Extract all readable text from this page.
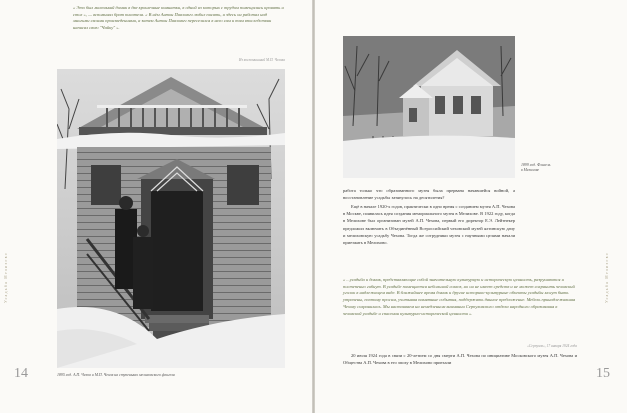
Усадьба Мелихово	Усадьба Мелихово
14	15
« Это был маленький домик в две крошечные комнатки, в одной из которых с трудом помещались кровать и стол », — вспоминал брат писателя. « В нём Антон Павлович любил писать, и здесь он работал над многими своими произведениями, а затем Антон Павлович переселился в него сам и там впоследствии написал свою "Чайку" ».
Из воспоминаний М.П. Чехова
1895 год. А.П. Чехов и М.П. Чехов на ступеньках мелиховского флигеля
1899 год. Флигель
в Мелихове
работа только что образованного музея была прервана начавшейся войной, а восстановление усадьбы затянулось на десятилетия?
Ещё в начале 1920-х годов, практически в одно время с созданием музея А.П. Чехова в Москве, появилась идея создания мемориального музея в Мелихове. В 1922 году, когда в Мелихове был организован музей А.П. Чехова, первый его директор Е.Э. Лейтнекер предложил включить в Объединённый Всероссийский чеховский музей ялтинскую дачу и мелиховскую усадьбу Чехова. Тогда же сотрудники музея с научными целями начали приезжать в Мелихово.
« ...усадьба и домик, представляющие собой значительную культурную и историческую ценность, разрушаются и постепенно гибнут. В усадьбе помещается небольшой совхоз, но он не имеет средств и не может сохранить чеховский уголок в надлежащем виде. В ближайшее время домик и другие историко-культурные объекты усадьбы могут быть утрачены, поэтому просим, учитывая памятные события, поддержать данное предложение. Мебель принадлежавшая Чехову сохранилась. Мы настаиваем на немедленном внимании Серпуховского отдела народного образования к чеховской усадьбе и спасении культурно-исторической ценности ».
«Серпухов», 17 января 1924 года
20 июля 1924 года в связи с 20-летием со дня смерти А.П. Чехова по инициативе Московского музея А.П. Чехова и Общества А.П. Чехова в его эпоху в Мелихово приехали
